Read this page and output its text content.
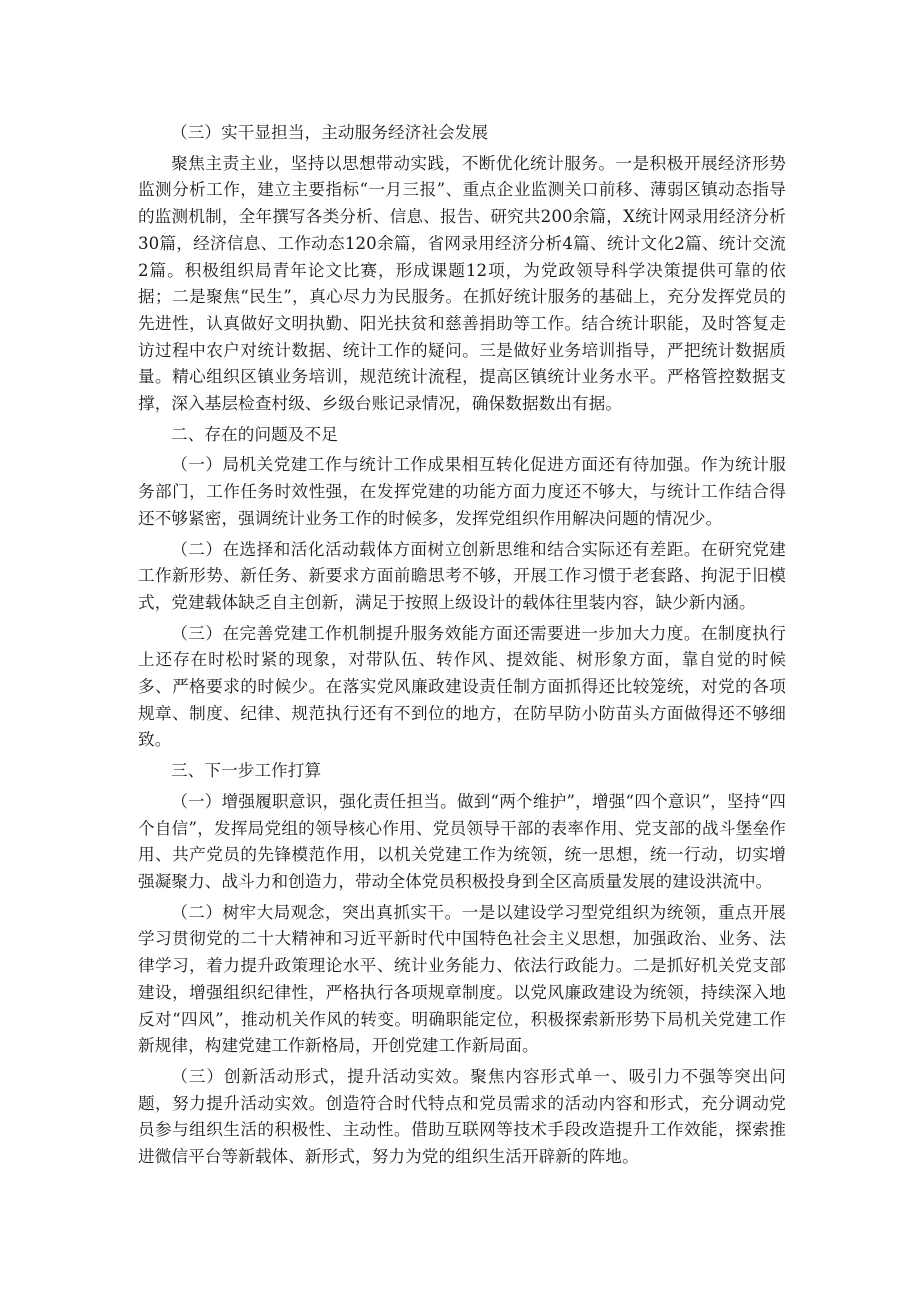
（三）实干显担当，主动服务经济社会发展

聚焦主责主业，坚持以思想带动实践，不断优化统计服务。一是积极开展经济形势监测分析工作，建立主要指标“一月三报”、重点企业监测关口前移、薄弱区镇动态指导的监测机制，全年撰写各类分析、信息、报告、研究共200余篇，X统计网录用经济分析30篇，经济信息、工作动态120余篇，省网录用经济分析4篇、统计文化2篇、统计交流2篇。积极组织局青年论文比赛，形成课题12项，为党政领导科学决策提供可靠的依据；二是聚焦“民生”，真心尽力为民服务。在抓好统计服务的基础上，充分发挥党员的先进性，认真做好文明执勤、阳光扶贫和慈善捐助等工作。结合统计职能，及时答复走访过程中农户对统计数据、统计工作的疑问。三是做好业务培训指导，严把统计数据质量。精心组织区镇业务培训，规范统计流程，提高区镇统计业务水平。严格管控数据支撑，深入基层检查村级、乡级台账记录情况，确保数据数出有据。

二、存在的问题及不足

（一）局机关党建工作与统计工作成果相互转化促进方面还有待加强。作为统计服务部门，工作任务时效性强，在发挥党建的功能方面力度还不够大，与统计工作结合得还不够紧密，强调统计业务工作的时候多，发挥党组织作用解决问题的情况少。

（二）在选择和活化活动载体方面树立创新思维和结合实际还有差距。在研究党建工作新形势、新任务、新要求方面前瞻思考不够，开展工作习惯于老套路、拘泥于旧模式，党建载体缺乏自主创新，满足于按照上级设计的载体往里装内容，缺少新内涵。

（三）在完善党建工作机制提升服务效能方面还需要进一步加大力度。在制度执行上还存在时松时紧的现象，对带队伍、转作风、提效能、树形象方面，靠自觉的时候多、严格要求的时候少。在落实党风廉政建设责任制方面抓得还比较笼统，对党的各项规章、制度、纪律、规范执行还有不到位的地方，在防早防小防苗头方面做得还不够细致。

三、下一步工作打算

（一）增强履职意识，强化责任担当。做到“两个维护”，增强“四个意识”，坚持“四个自信”，发挥局党组的领导核心作用、党员领导干部的表率作用、党支部的战斗堡垒作用、共产党员的先锋模范作用，以机关党建工作为统领，统一思想，统一行动，切实增强凝聚力、战斗力和创造力，带动全体党员积极投身到全区高质量发展的建设洪流中。

（二）树牢大局观念，突出真抓实干。一是以建设学习型党组织为统领，重点开展学习贯彻党的二十大精神和习近平新时代中国特色社会主义思想，加强政治、业务、法律学习，着力提升政策理论水平、统计业务能力、依法行政能力。二是抓好机关党支部建设，增强组织纪律性，严格执行各项规章制度。以党风廉政建设为统领，持续深入地反对“四风”，推动机关作风的转变。明确职能定位，积极探索新形势下局机关党建工作新规律，构建党建工作新格局，开创党建工作新局面。

（三）创新活动形式，提升活动实效。聚焦内容形式单一、吸引力不强等突出问题，努力提升活动实效。创造符合时代特点和党员需求的活动内容和形式，充分调动党员参与组织生活的积极性、主动性。借助互联网等技术手段改造提升工作效能，探索推进微信平台等新载体、新形式，努力为党的组织生活开辟新的阵地。
